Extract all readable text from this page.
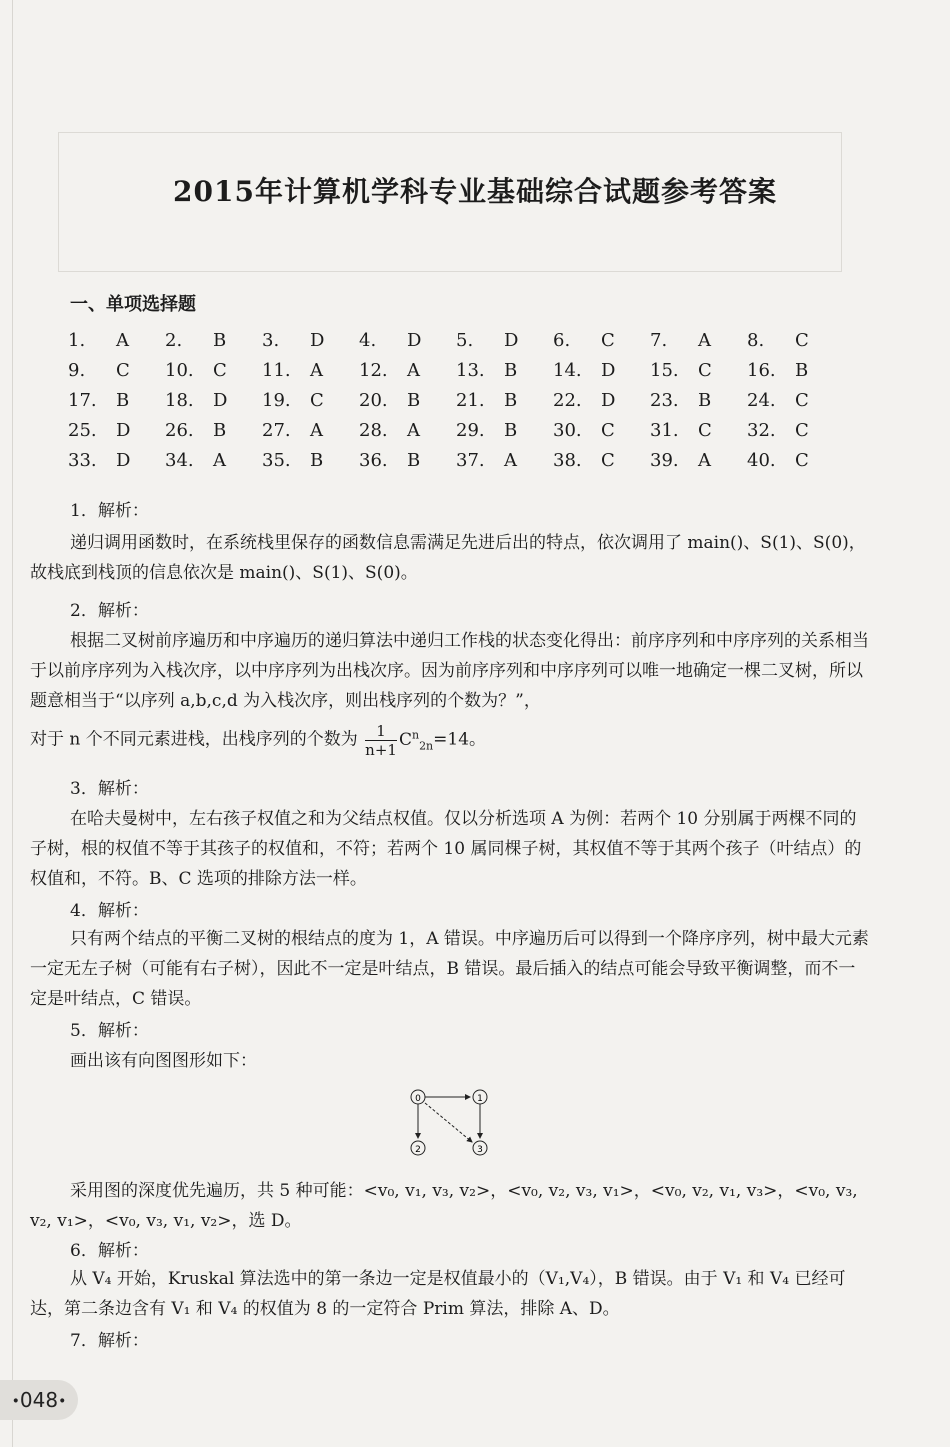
2015年计算机学科专业基础综合试题参考答案
一、单项选择题
1. A 2. B 3. D 4. D 5. D 6. C 7. A 8. C
9. C 10. C 11. A 12. A 13. B 14. D 15. C 16. B
17. B 18. D 19. C 20. B 21. B 22. D 23. B 24. C
25. D 26. B 27. A 28. A 29. B 30. C 31. C 32. C
33. D 34. A 35. B 36. B 37. A 38. C 39. A 40. C
1．解析：
递归调用函数时，在系统栈里保存的函数信息需满足先进后出的特点，依次调用了 main()、S(1)、S(0)，故栈底到栈顶的信息依次是 main()、S(1)、S(0)。
2．解析：
根据二叉树前序遍历和中序遍历的递归算法中递归工作栈的状态变化得出：前序序列和中序序列的关系相当于以前序序列为入栈次序，以中序序列为出栈次序。因为前序序列和中序序列可以唯一地确定一棵二叉树，所以题意相当于“以序列 a,b,c,d 为入栈次序，则出栈序列的个数为？”，
对于 n 个不同元素进栈，出栈序列的个数为 $\frac{1}{n+1} C^n_{2n}=14$。
3．解析：
在哈夫曼树中，左右孩子权值之和为父结点权值。仅以分析选项 A 为例：若两个 10 分别属于两棵不同的子树，根的权值不等于其孩子的权值和，不符；若两个 10 属同棵子树，其权值不等于其两个孩子（叶结点）的权值和，不符。B、C 选项的排除方法一样。
4．解析：
只有两个结点的平衡二叉树的根结点的度为 1，A 错误。中序遍历后可以得到一个降序序列，树中最大元素一定无左子树（可能有右子树），因此不一定是叶结点，B 错误。最后插入的结点可能会导致平衡调整，而不一定是叶结点，C 错误。
5．解析：
画出该有向图图形如下：
0	1
2	3
采用图的深度优先遍历，共 5 种可能：<v₀, v₁, v₃, v₂>，<v₀, v₂, v₃, v₁>，<v₀, v₂, v₁, v₃>，<v₀, v₃, v₂, v₁>，<v₀, v₃, v₁, v₂>，选 D。
6．解析：
从 V₄ 开始，Kruskal 算法选中的第一条边一定是权值最小的（V₁,V₄），B 错误。由于 V₁ 和 V₄ 已经可达，第二条边含有 V₁ 和 V₄ 的权值为 8 的一定符合 Prim 算法，排除 A、D。
7．解析：
•048•
